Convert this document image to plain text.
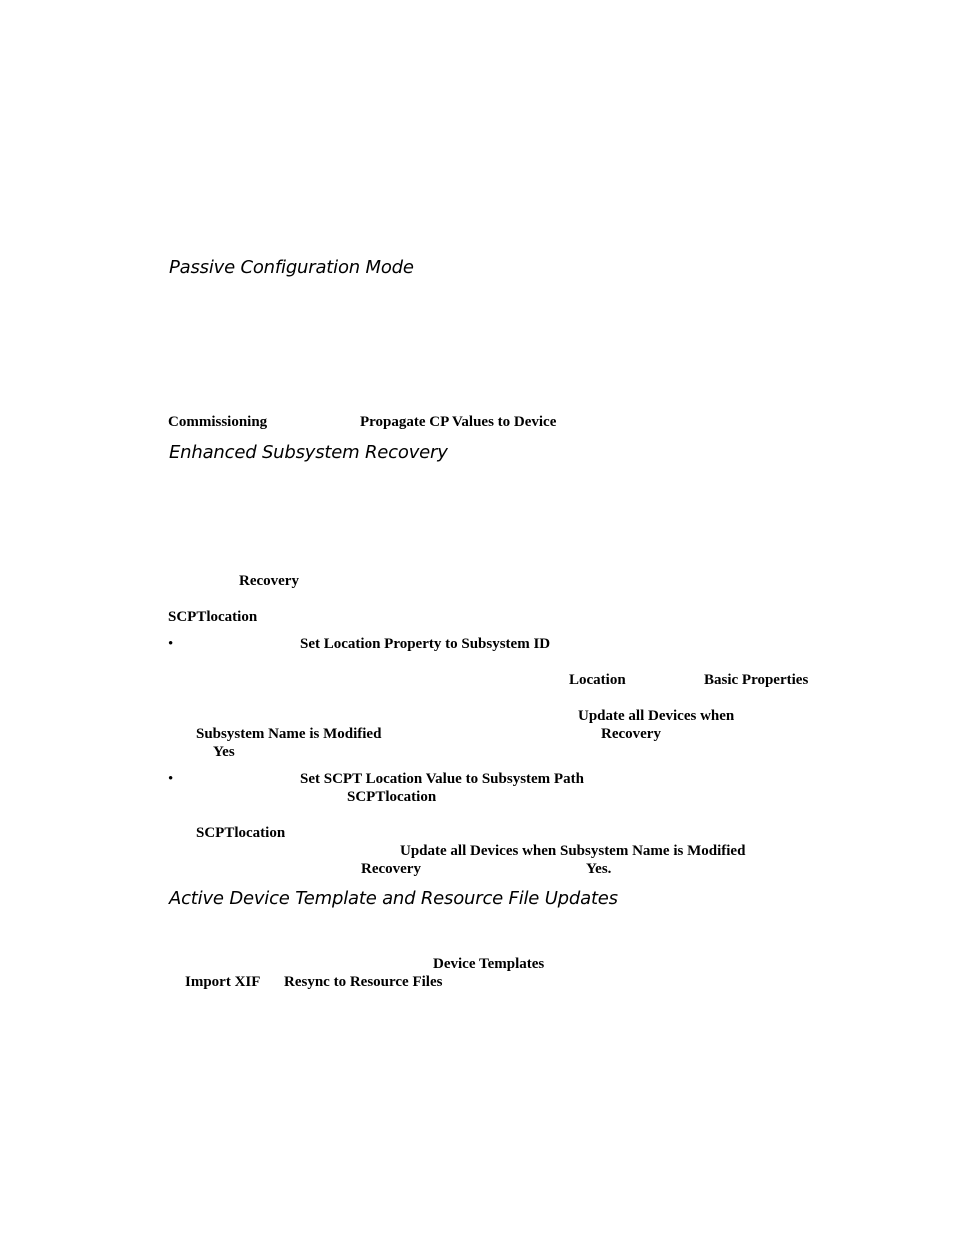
Passive Configuration Mode
Commissioning	Propagate CP Values to Device
Enhanced Subsystem Recovery
Recovery
SCPTlocation
•	Set Location Property to Subsystem ID
Location	Basic Properties
Update all Devices when
Subsystem Name is Modified	Recovery
Yes
•	Set SCPT Location Value to Subsystem Path
SCPTlocation
SCPTlocation
Update all Devices when Subsystem Name is Modified
Recovery	Yes.
Active Device Template and Resource File Updates
Device Templates
Import XIF Resync to Resource Files
